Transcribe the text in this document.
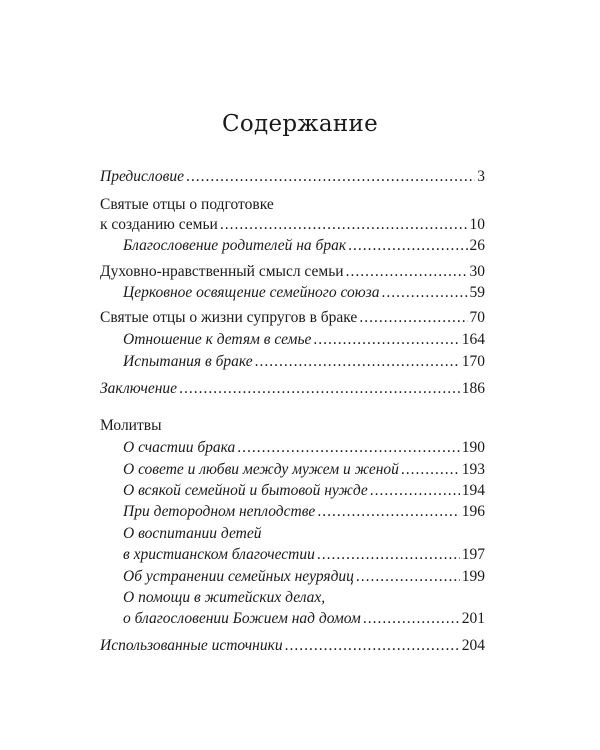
Содержание
Предисловие .....	3
Святые отцы о подготовке
к созданию семьи .....	10
Благословение родителей на брак .....	26
Духовно-нравственный смысл семьи .....	30
Церковное освящение семейного союза .....	59
Святые отцы о жизни супругов в браке .....	70
Отношение к детям в семье .....	164
Испытания в браке .....	170
Заключение .....	186
Молитвы
О счастии брака .....	190
О совете и любви между мужем и женой .....	193
О всякой семейной и бытовой нужде .....	194
При детородном неплодстве .....	196
О воспитании детей
в христианском благочестии .....	197
Об устранении семейных неурядиц .....	199
О помощи в житейских делах,
о благословении Божием над домом .....	201
Использованные источники .....	204
